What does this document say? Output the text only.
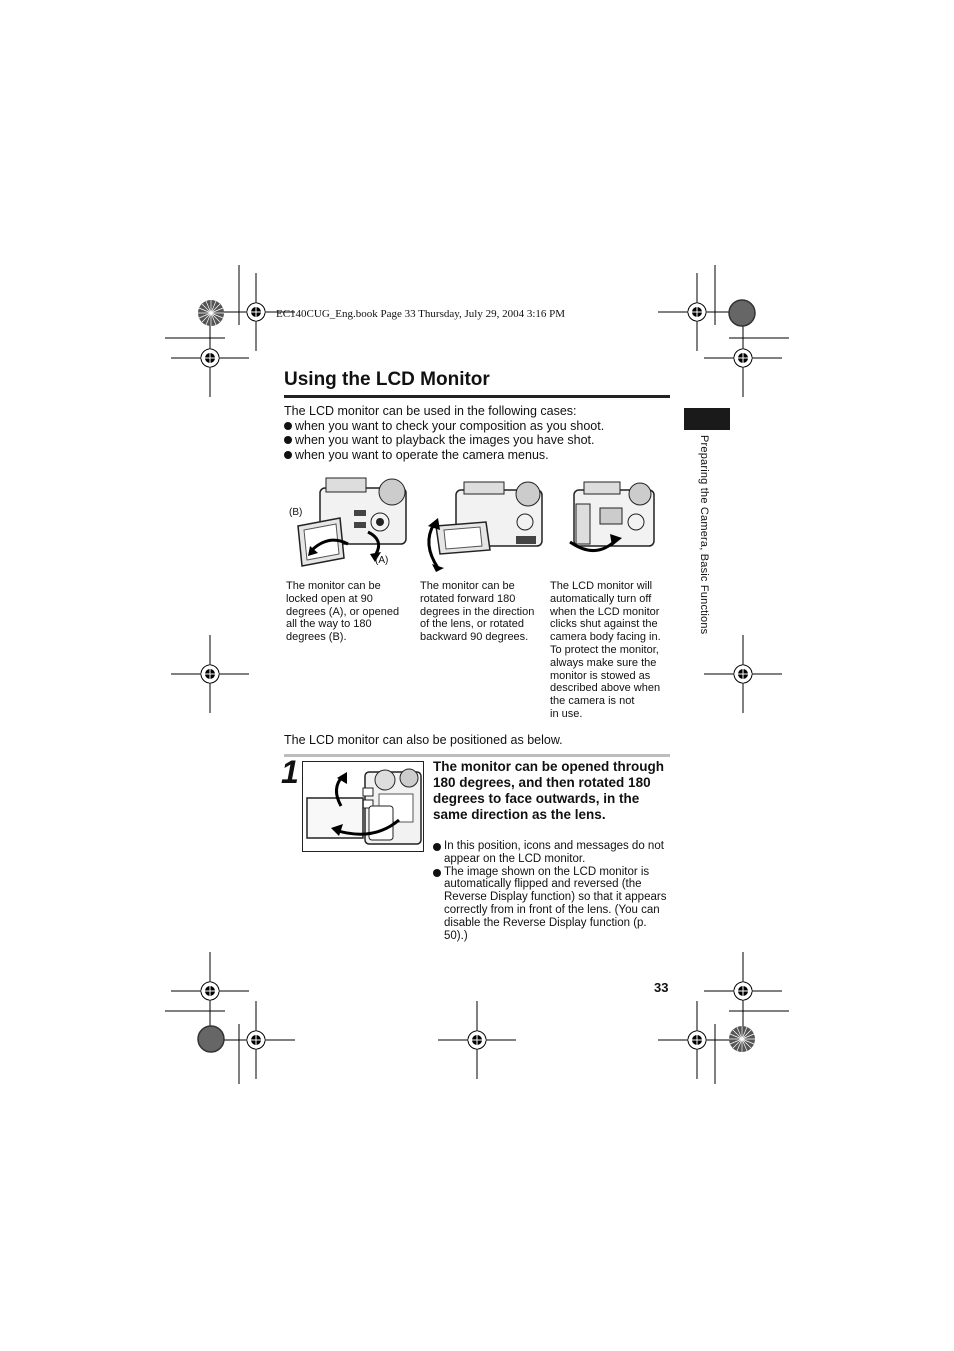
EC140CUG_Eng.book Page 33 Thursday, July 29, 2004 3:16 PM
Using the LCD Monitor
The LCD monitor can be used in the following cases:
when you want to check your composition as you shoot.
when you want to playback the images you have shot.
when you want to operate the camera menus.	Preparing the Camera, Basic Functions
(B)
(A)
The monitor can be
locked open at 90
degrees (A), or opened
all the way to 180
degrees (B).
The monitor can be
rotated forward 180
degrees in the direction
of the lens, or rotated
backward 90 degrees.
The LCD monitor will
automatically turn off
when the LCD monitor
clicks shut against the
camera body facing in.
To protect the monitor,
always make sure the
monitor is stowed as
described above when
the camera is not
in use.
The LCD monitor can also be positioned as below.
1	The monitor can be opened through 180 degrees, and then rotated 180 degrees to face outwards, in the same direction as the lens.
In this position, icons and messages do not appear on the LCD monitor.
The image shown on the LCD monitor is automatically flipped and reversed (the Reverse Display function) so that it appears correctly from in front of the lens. (You can disable the Reverse Display function (p. 50).)
33
